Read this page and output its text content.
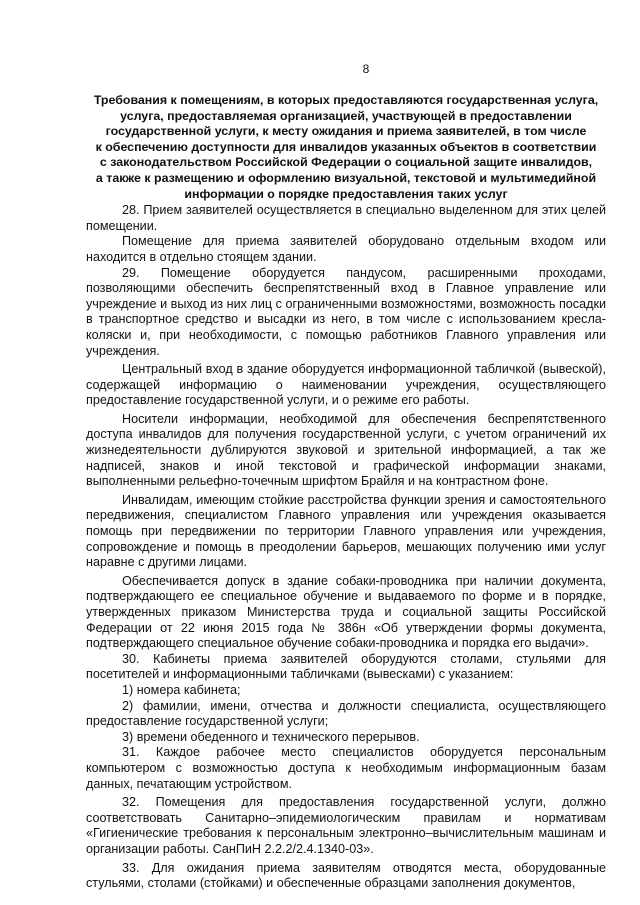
8
Требования к помещениям, в которых предоставляются государственная услуга,
услуга, предоставляемая организацией, участвующей в предоставлении
государственной услуги, к месту ожидания и приема заявителей, в том числе
к обеспечению доступности для инвалидов указанных объектов в соответствии
с законодательством Российской Федерации о социальной защите инвалидов,
а также к размещению и оформлению визуальной, текстовой и мультимедийной
информации о порядке предоставления таких услуг

28. Прием заявителей осуществляется в специально выделенном для этих целей помещении.

Помещение для приема заявителей оборудовано отдельным входом или находится в отдельно стоящем здании.

29. Помещение оборудуется пандусом, расширенными проходами, позволяющими обеспечить беспрепятственный вход в Главное управление или учреждение и выход из них лиц с ограниченными возможностями, возможность посадки в транспортное средство и высадки из него, в том числе с использованием кресла-коляски и, при необходимости, с помощью работников Главного управления или учреждения.

Центральный вход в здание оборудуется информационной табличкой (вывеской), содержащей информацию о наименовании учреждения, осуществляющего предоставление государственной услуги, и о режиме его работы.

Носители информации, необходимой для обеспечения беспрепятственного доступа инвалидов для получения государственной услуги, с учетом ограничений их жизнедеятельности дублируются звуковой и зрительной информацией, а так же надписей, знаков и иной текстовой и графической информации знаками, выполненными рельефно-точечным шрифтом Брайля и на контрастном фоне.

Инвалидам, имеющим стойкие расстройства функции зрения и самостоятельного передвижения, специалистом Главного управления или учреждения оказывается помощь при передвижении по территории Главного управления или учреждения, сопровождение и помощь в преодолении барьеров, мешающих получению ими услуг наравне с другими лицами.

Обеспечивается допуск в здание собаки-проводника при наличии документа, подтверждающего ее специальное обучение и выдаваемого по форме и в порядке, утвержденных приказом Министерства труда и социальной защиты Российской Федерации от 22 июня 2015 года № 386н «Об утверждении формы документа, подтверждающего специальное обучение собаки-проводника и порядка его выдачи».

30. Кабинеты приема заявителей оборудуются столами, стульями для посетителей и информационными табличками (вывесками) с указанием:

1) номера кабинета;

2) фамилии, имени, отчества и должности специалиста, осуществляющего предоставление государственной услуги;

3) времени обеденного и технического перерывов.

31. Каждое рабочее место специалистов оборудуется персональным компьютером с возможностью доступа к необходимым информационным базам данных, печатающим устройством.

32. Помещения для предоставления государственной услуги, должно соответствовать Санитарно–эпидемиологическим правилам и нормативам «Гигиенические требования к персональным электронно–вычислительным машинам и организации работы. СанПиН 2.2.2/2.4.1340-03».

33. Для ожидания приема заявителям отводятся места, оборудованные стульями, столами (стойками) и обеспеченные образцами заполнения документов,
